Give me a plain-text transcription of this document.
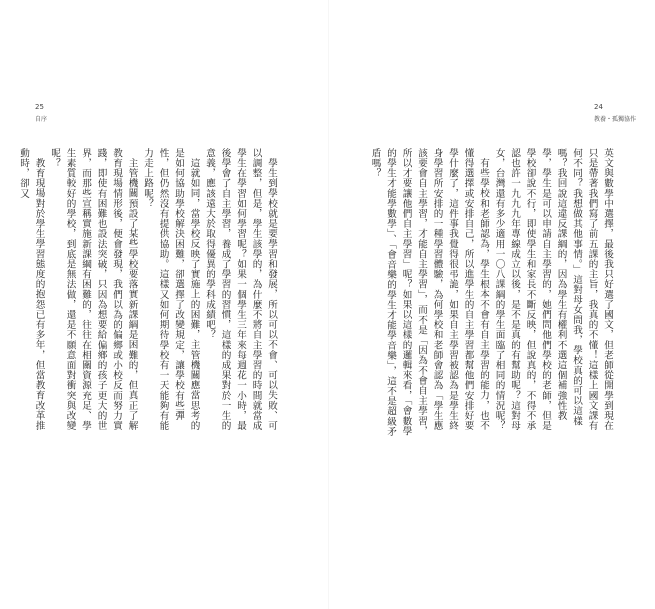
25
自序
24
教養・孤獨協作

英文與數學中選擇，最後我只好選了國文，但老師從開學到現在只是帶著我們寫了前五課的主旨，我真的不懂！這樣上國文課有何不同？我想做其他事情。」這對母女問我，學校真的可以這樣嗎？我回說這違反課綱的，因為學生有權利不選這個補強性教學，學生是可以申請自主學習的，她們問他們學校的老師，但是學校卻說不行，即使學生和家長不斷反映，但說真的，不得不承認也許一九九九年專線成立以後，是不是真的有幫助呢？這對母女，台灣還有多少適用一〇八課綱的學生面臨了相同的情況呢？

有些學校和老師認為，學生根本不會有自主學習的能力，也不懂得選擇或安排自己，所以進學生的自主學習都幫他們安排好要學什麼了，這件事我覺得很弔詭，如果自主學習被認為是學生終身學習所安排的一種學習體驗，為何學校和老師會認為「學生應該要會自主學習，才能自主學習」，而不是「因為不會自主學習，所以才要讓他們自主學習」呢？如果以這樣的邏輯來看，「會數學的學生才能學數學」、「會音樂的學生才能學音樂」，這不是超級矛盾嗎？

學生到學校就是要學習和發展，所以可以不會、可以失敗、可以調整，但是，學生該學的，為什麼不將自主學習的時間就當成學生在學習如何學習呢？如果一個學生三年來每週花一小時，最後學會了自主學習，養成了學習的習慣，這樣的成果對於一生的意義，應該遠大於取得優異的學科成績吧？

這就如同，當學校反映了實施上的困難，主管機關應當思考的是如何協助學校解決困難，卻選擇了改變規定，讓學校有些彈性，但仍然沒有提供協助。這樣又如何期待學校有一天能夠有能力走上路呢？

主管機關預設了某些學校要落實新課綱是困難的，但真正了解教育現場情形後，便會發現，我們以為的偏鄉或小校反而努力實踐，即使有困難也設法突破，只因為想要給偏鄉的孩子更大的世界，而那些宣稱實施新課綱有困難的，往往在相關資源充足、學生素質較好的學校，到底是無法做，還是不願意面對衝突與改變呢？

教育現場對於學生學習態度的抱怨已有多年，但當教育改革推動時，卻又
